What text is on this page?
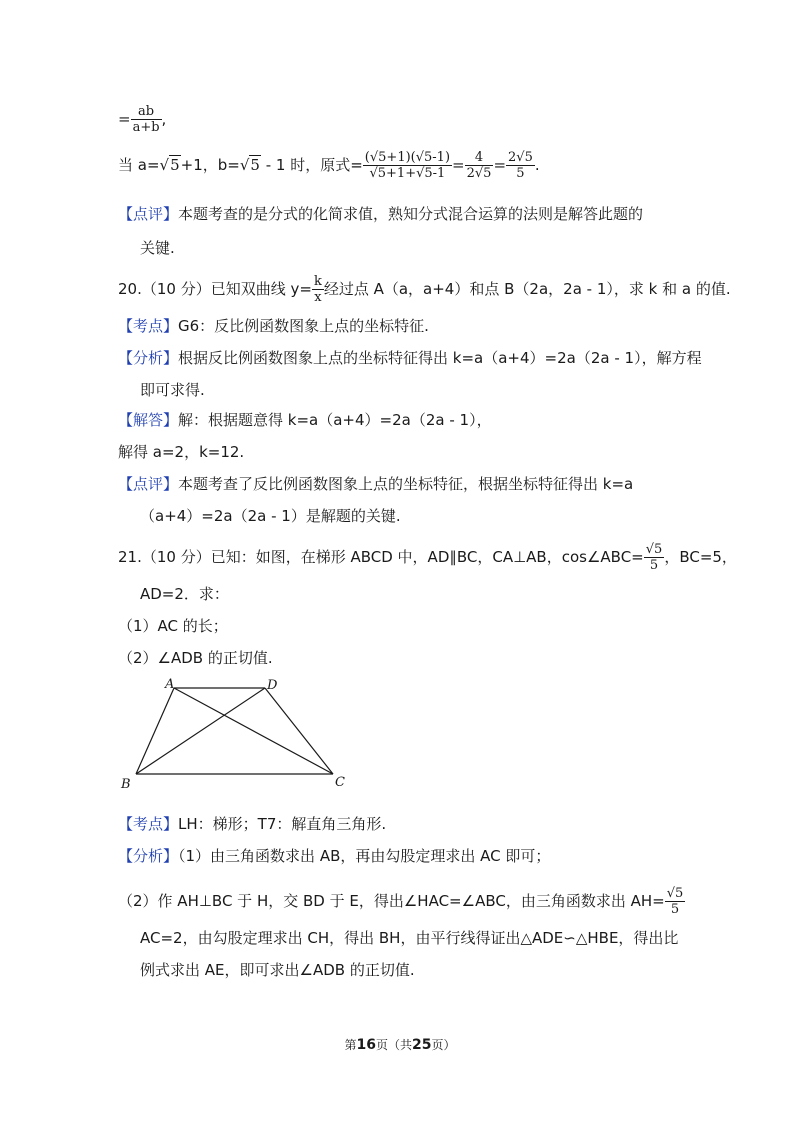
= $\frac{ab}{a+b}$ ,
当 a=√5+1，b=√5 - 1 时，原式= $\frac{(√5+1)(√5-1)}{√5+1+√5-1} = \frac{4}{2√5} = \frac{2√5}{5}$ .
【点评】本题考查的是分式的化简求值，熟知分式混合运算的法则是解答此题的
关键.
20.（10 分）已知双曲线 $y= \frac{k}{x}$ 经过点 A（a，a+4）和点 B（2a，2a - 1），求 k 和 a 的值.
【考点】G6：反比例函数图象上点的坐标特征.
【分析】根据反比例函数图象上点的坐标特征得出 k=a（a+4）=2a（2a - 1），解方程
即可求得.
【解答】解：根据题意得 k=a（a+4）=2a（2a - 1），
解得 a=2，k=12.
【点评】本题考查了反比例函数图象上点的坐标特征，根据坐标特征得出 k=a
（a+4）=2a（2a - 1）是解题的关键.
21.（10 分）已知：如图，在梯形 ABCD 中，AD∥BC，CA⊥AB，cos∠ABC= $\frac{√5}{5}$ ，BC=5，
AD=2．求：
（1）AC 的长；
（2）∠ADB 的正切值.
A	D
B	C
【考点】LH：梯形；T7：解直角三角形.
【分析】（1）由三角函数求出 AB，再由勾股定理求出 AC 即可；
（2）作 AH⊥BC 于 H，交 BD 于 E，得出∠HAC=∠ABC，由三角函数求出 $AH= \frac{√5}{5}$
AC=2，由勾股定理求出 CH，得出 BH，由平行线得证出△ADE∽△HBE，得出比
例式求出 AE，即可求出∠ADB 的正切值.
第16页（共25页）
